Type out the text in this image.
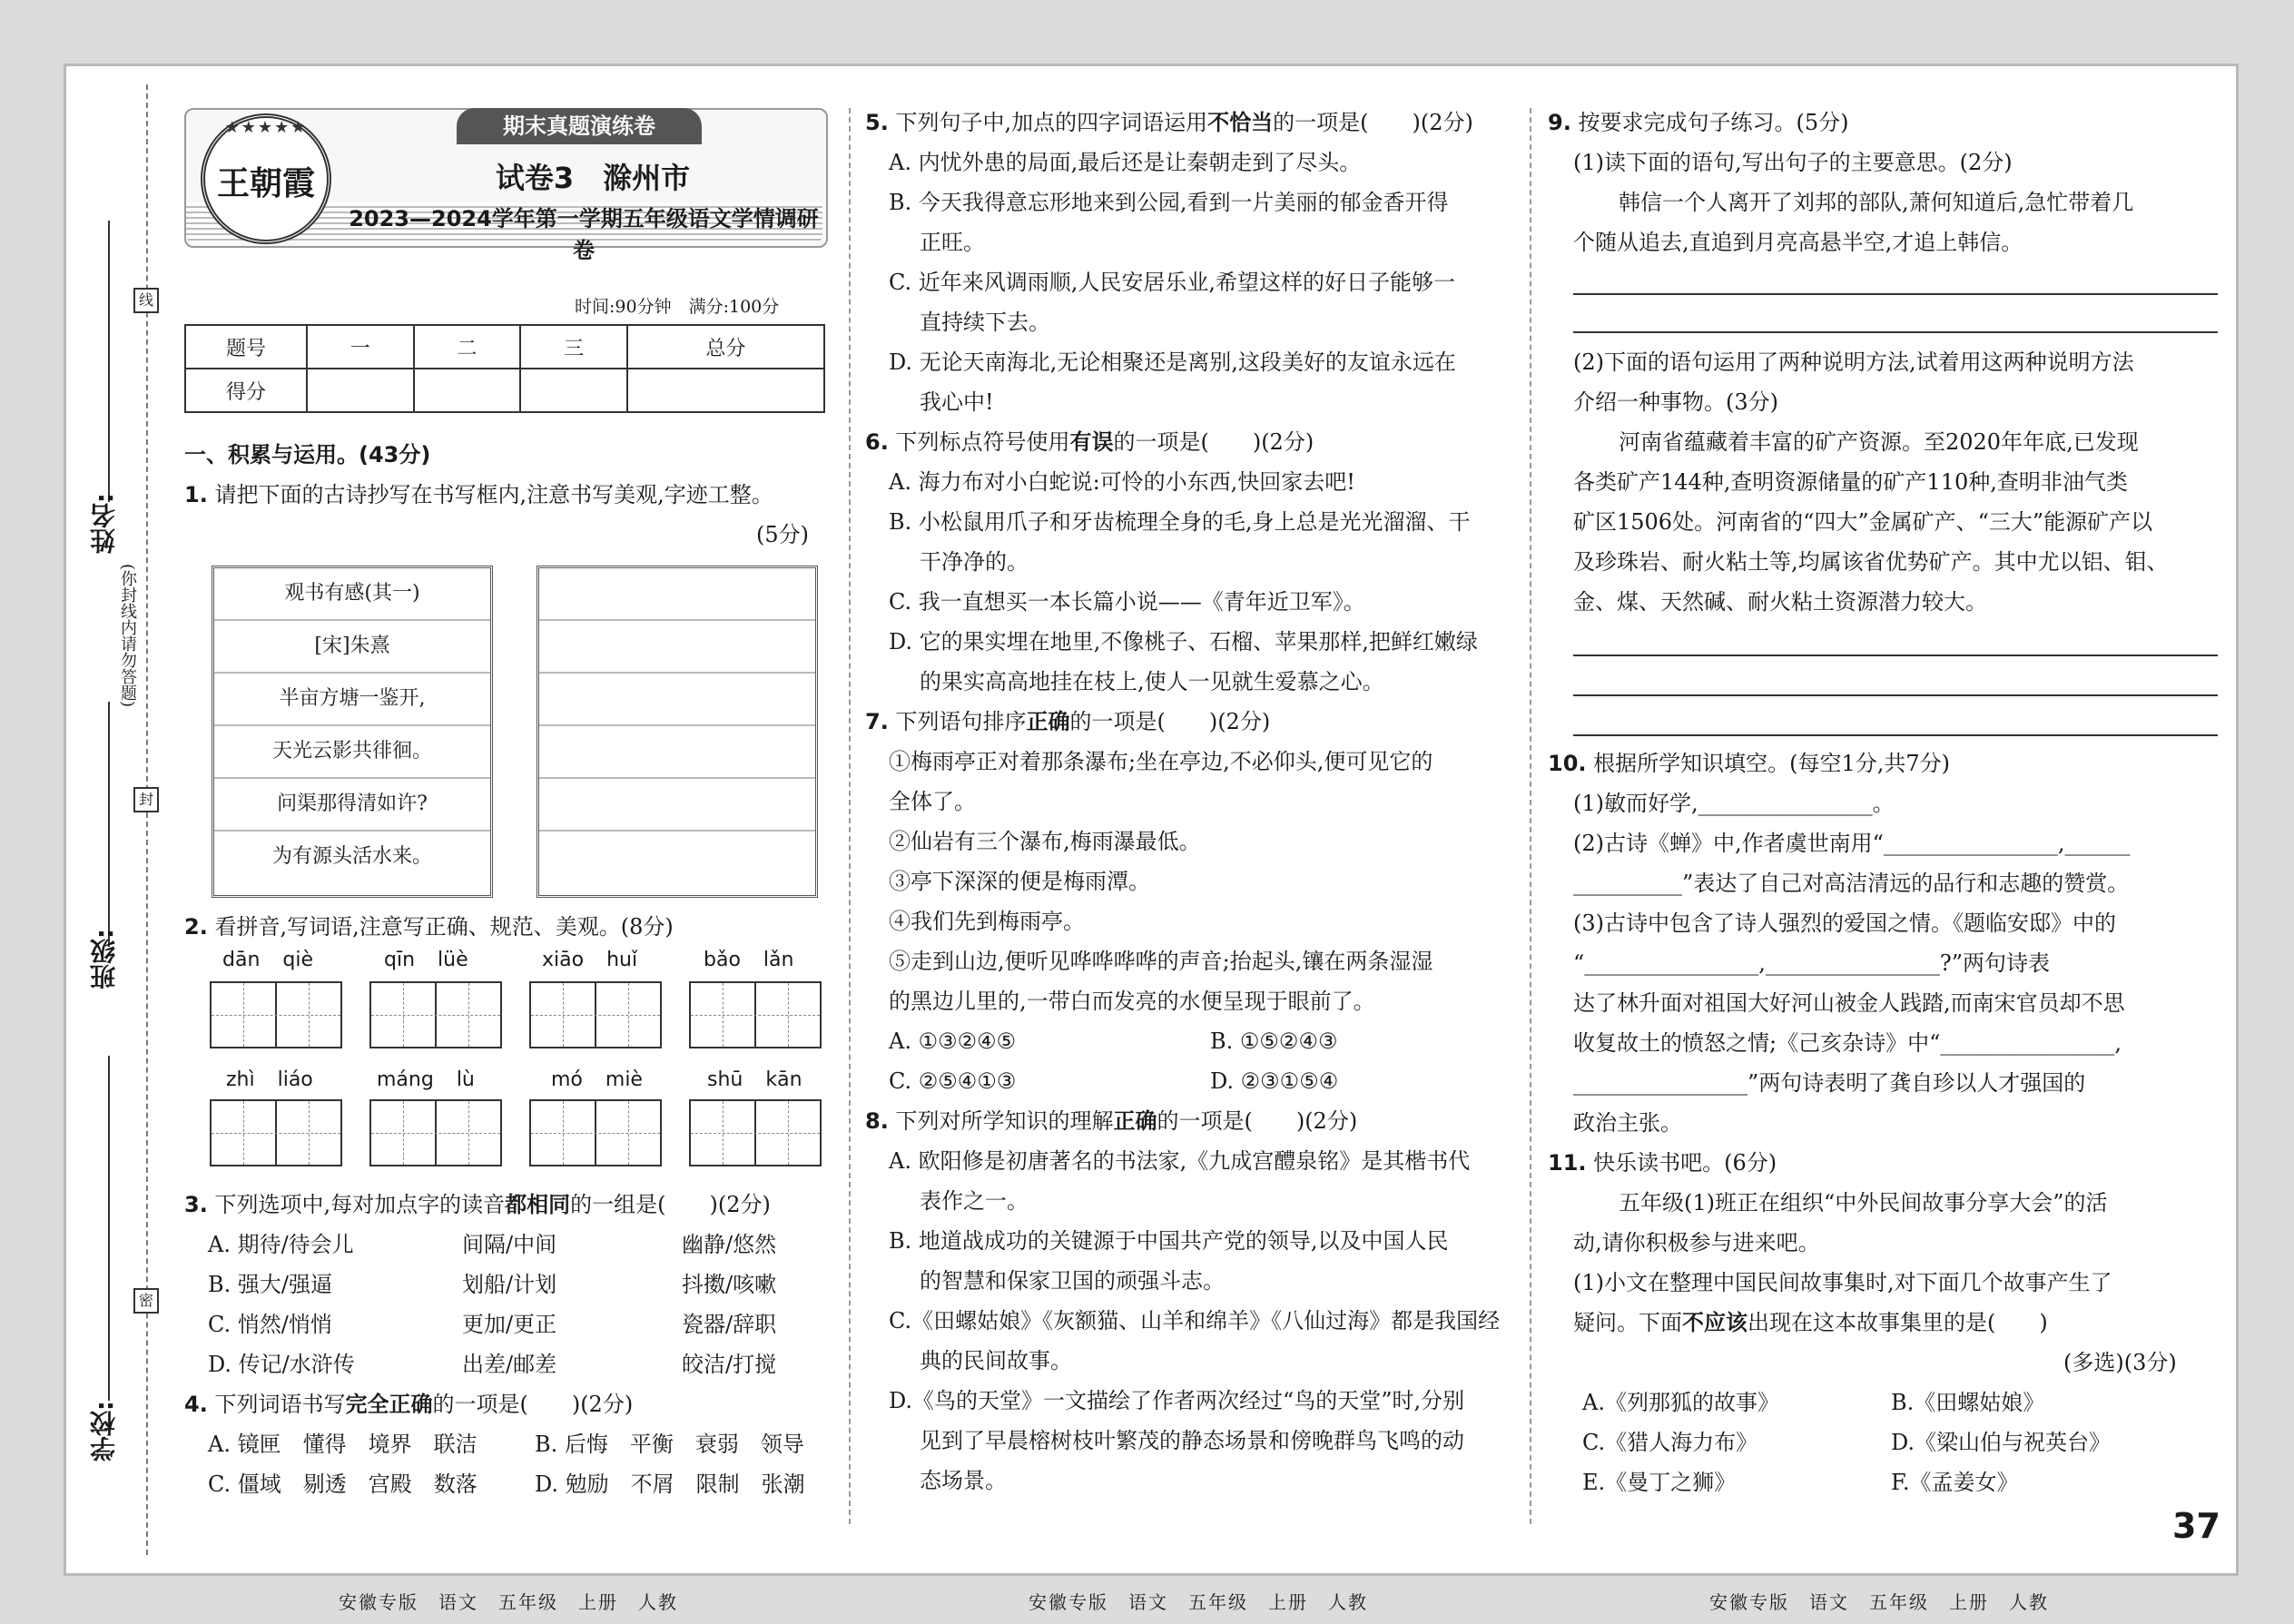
线
封
密
(你封线内请勿答题)
姓名:
班级:
学校:
★★★★★
王朝霞
期末真题演练卷
试卷3　滁州市
2023—2024学年第一学期五年级语文学情调研卷
时间:90分钟　满分:100分
题号	一	二	三	总分
得分				
一、积累与运用。(43分)
1. 请把下面的古诗抄写在书写框内,注意书写美观,字迹工整。
(5分)
观书有感(其一)
[宋]朱熹
半亩方塘一鉴开,
天光云影共徘徊。
问渠那得清如许?
为有源头活水来。
2. 看拼音,写词语,注意写正确、规范、美观。(8分)
dān qiè	qīn lüè	xiāo huǐ	bǎo lǎn
zhì liáo	máng lù	mó miè	shū kān
3. 下列选项中,每对加点字的读音都相同的一组是(　　)(2分)
A. 期待/待会儿	间隔/中间	幽静/悠然
B. 强大/强逼	划船/计划	抖擞/咳嗽
C. 悄然/悄悄	更加/更正	瓷器/辞职
D. 传记/水浒传	出差/邮差	皎洁/打搅
4. 下列词语书写完全正确的一项是(　　)(2分)
A. 镜匣　 懂得　 境界　 联洁	B. 后悔　 平衡　 衰弱　 领导
C. 僵域　 剔透　 宫殿　 数落	D. 勉励　 不屑　 限制　 张潮
5. 下列句子中,加点的四字词语运用不恰当的一项是(　　)(2分)
A. 内忧外患的局面,最后还是让秦朝走到了尽头。
B. 今天我得意忘形地来到公园,看到一片美丽的郁金香开得
正旺。
C. 近年来风调雨顺,人民安居乐业,希望这样的好日子能够一
直持续下去。
D. 无论天南海北,无论相聚还是离别,这段美好的友谊永远在
我心中!
6. 下列标点符号使用有误的一项是(　　)(2分)
A. 海力布对小白蛇说:可怜的小东西,快回家去吧!
B. 小松鼠用爪子和牙齿梳理全身的毛,身上总是光光溜溜、干
干净净的。
C. 我一直想买一本长篇小说——《青年近卫军》。
D. 它的果实埋在地里,不像桃子、石榴、苹果那样,把鲜红嫩绿
的果实高高地挂在枝上,使人一见就生爱慕之心。
7. 下列语句排序正确的一项是(　　)(2分)
①梅雨亭正对着那条瀑布;坐在亭边,不必仰头,便可见它的
全体了。
②仙岩有三个瀑布,梅雨瀑最低。
③亭下深深的便是梅雨潭。
④我们先到梅雨亭。
⑤走到山边,便听见哗哗哗哗的声音;抬起头,镶在两条湿湿
的黑边儿里的,一带白而发亮的水便呈现于眼前了。
A. ①③②④⑤	B. ①⑤②④③
C. ②⑤④①③	D. ②③①⑤④
8. 下列对所学知识的理解正确的一项是(　　)(2分)
A. 欧阳修是初唐著名的书法家,《九成宫醴泉铭》是其楷书代
表作之一。
B. 地道战成功的关键源于中国共产党的领导,以及中国人民
的智慧和保家卫国的顽强斗志。
C.《田螺姑娘》《灰额猫、山羊和绵羊》《八仙过海》都是我国经
典的民间故事。
D.《鸟的天堂》一文描绘了作者两次经过“鸟的天堂”时,分别
见到了早晨榕树枝叶繁茂的静态场景和傍晚群鸟飞鸣的动
态场景。
9. 按要求完成句子练习。(5分)
(1)读下面的语句,写出句子的主要意思。(2分)
韩信一个人离开了刘邦的部队,萧何知道后,急忙带着几
个随从追去,直追到月亮高悬半空,才追上韩信。
(2)下面的语句运用了两种说明方法,试着用这两种说明方法
介绍一种事物。(3分)
河南省蕴藏着丰富的矿产资源。至2020年年底,已发现
各类矿产144种,查明资源储量的矿产110种,查明非油气类
矿区1506处。河南省的“四大”金属矿产、“三大”能源矿产以
及珍珠岩、耐火粘土等,均属该省优势矿产。其中尤以铝、钼、
金、煤、天然碱、耐火粘土资源潜力较大。
10. 根据所学知识填空。(每空1分,共7分)
(1)敏而好学,________________。
(2)古诗《蝉》中,作者虞世南用“________________,______
__________”表达了自己对高洁清远的品行和志趣的赞赏。
(3)古诗中包含了诗人强烈的爱国之情。《题临安邸》中的
“________________,________________?”两句诗表
达了林升面对祖国大好河山被金人践踏,而南宋官员却不思
收复故土的愤怒之情;《己亥杂诗》中“________________,
________________”两句诗表明了龚自珍以人才强国的
政治主张。
11. 快乐读书吧。(6分)
五年级(1)班正在组织“中外民间故事分享大会”的活
动,请你积极参与进来吧。
(1)小文在整理中国民间故事集时,对下面几个故事产生了
疑问。下面不应该出现在这本故事集里的是(　　)
(多选)(3分)
A.《列那狐的故事》	B.《田螺姑娘》
C.《猎人海力布》	D.《梁山伯与祝英台》
E.《曼丁之狮》	F.《孟姜女》
安徽专版　语文　五年级　上册　人教	安徽专版　语文　五年级　上册　人教	安徽专版　语文　五年级　上册　人教
37
